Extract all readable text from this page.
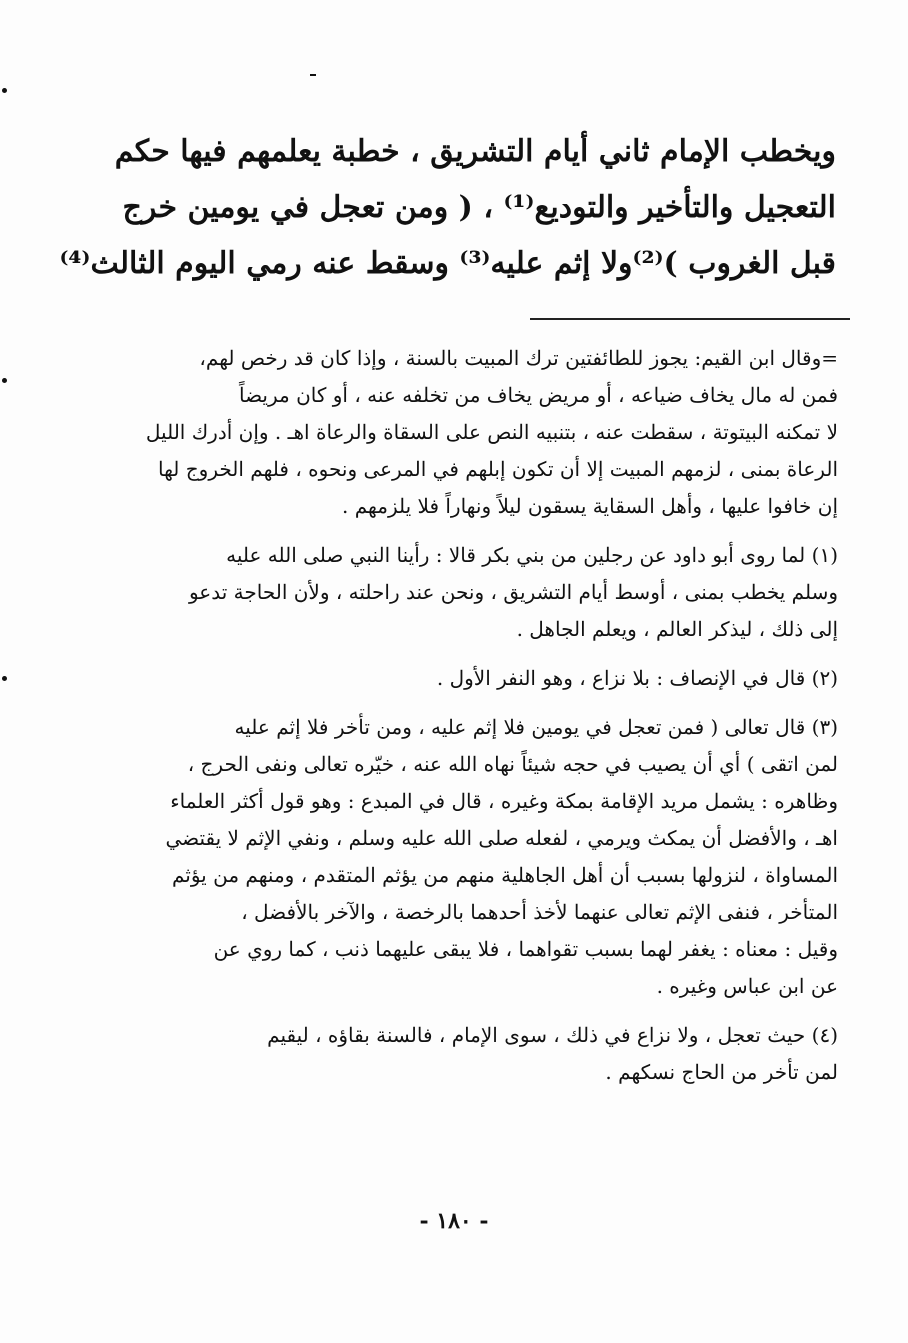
ويخطب الإمام ثاني أيام التشريق ، خطبة يعلمهم فيها حكم
التعجيل والتأخير والتوديع⁽¹⁾ ، ( ومن تعجل في يومين خرج
قبل الغروب )⁽²⁾ولا إثم عليه⁽³⁾ وسقط عنه رمي اليوم الثالث⁽⁴⁾
=وقال ابن القيم: يجوز للطائفتين ترك المبيت بالسنة ، وإذا كان قد رخص لهم،
فمن له مال يخاف ضياعه ، أو مريض يخاف من تخلفه عنه ، أو كان مريضاً
لا تمكنه البيتوتة ، سقطت عنه ، بتنبيه النص على السقاة والرعاة اهـ . وإن أدرك الليل
الرعاة بمنى ، لزمهم المبيت إلا أن تكون إبلهم في المرعى ونحوه ، فلهم الخروج لها
إن خافوا عليها ، وأهل السقاية يسقون ليلاً ونهاراً فلا يلزمهم .
(١) لما روى أبو داود عن رجلين من بني بكر قالا : رأينا النبي صلى الله عليه
وسلم يخطب بمنى ، أوسط أيام التشريق ، ونحن عند راحلته ، ولأن الحاجة تدعو
إلى ذلك ، ليذكر العالم ، ويعلم الجاهل .
(٢) قال في الإنصاف : بلا نزاع ، وهو النفر الأول .
(٣) قال تعالى ( فمن تعجل في يومين فلا إثم عليه ، ومن تأخر فلا إثم عليه
لمن اتقى ) أي أن يصيب في حجه شيئاً نهاه الله عنه ، خيّره تعالى ونفى الحرج ،
وظاهره : يشمل مريد الإقامة بمكة وغيره ، قال في المبدع : وهو قول أكثر العلماء
اهـ ، والأفضل أن يمكث ويرمي ، لفعله صلى الله عليه وسلم ، ونفي الإثم لا يقتضي
المساواة ، لنزولها بسبب أن أهل الجاهلية منهم من يؤثم المتقدم ، ومنهم من يؤثم
المتأخر ، فنفى الإثم تعالى عنهما لأخذ أحدهما بالرخصة ، والآخر بالأفضل ،
وقيل : معناه : يغفر لهما بسبب تقواهما ، فلا يبقى عليهما ذنب ، كما روي عن
عن ابن عباس وغيره .
(٤) حيث تعجل ، ولا نزاع في ذلك ، سوى الإمام ، فالسنة بقاؤه ، ليقيم
لمن تأخر من الحاج نسكهم .
- ١٨٠ -
